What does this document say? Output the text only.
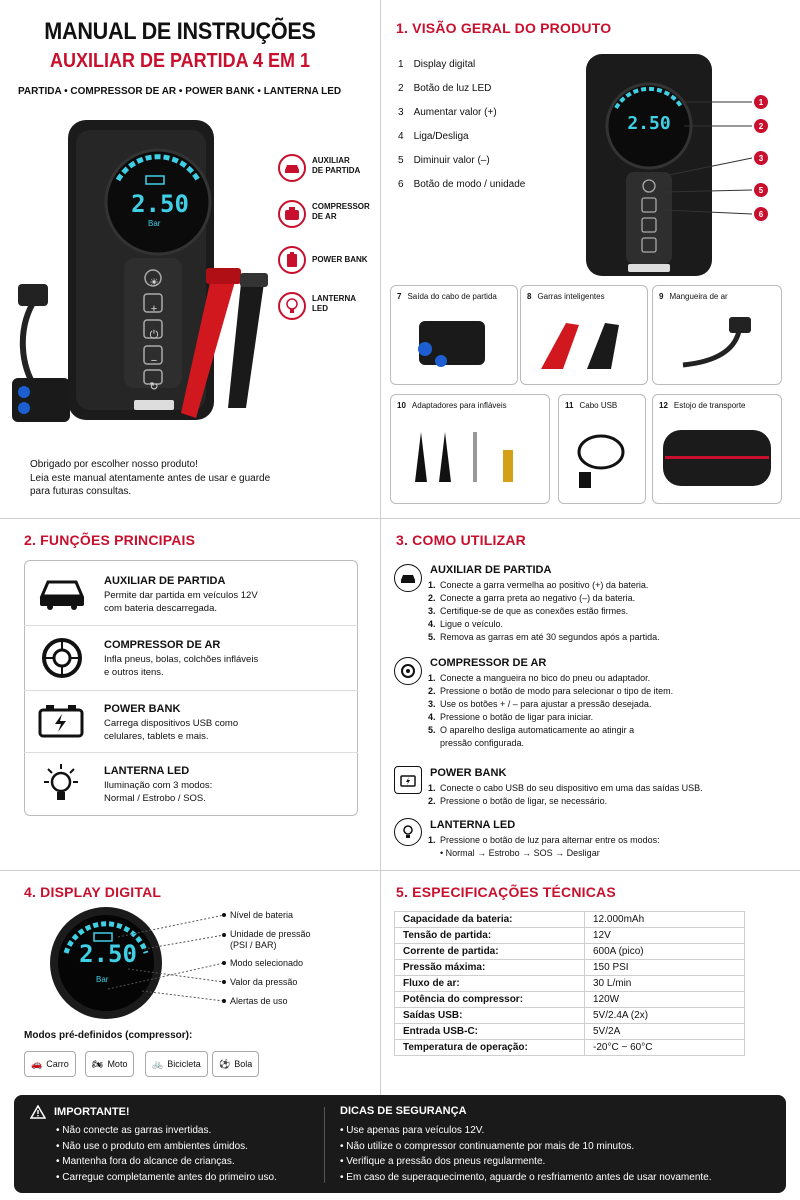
MANUAL DE INSTRUÇÕES
AUXILIAR DE PARTIDA 4 EM 1
PARTIDA • COMPRESSOR DE AR • POWER BANK • LANTERNA LED
2.50
Bar
☀
+
⏻
−
↻
AUXILIAR
DE PARTIDA
COMPRESSOR
DE AR
POWER BANK
LANTERNA
LED
Obrigado por escolher nosso produto!
Leia este manual atentamente antes de usar e guarde
para futuras consultas.
1. VISÃO GERAL DO PRODUTO
1 Display digital
2 Botão de luz LED
3 Aumentar valor (+)
4 Liga/Desliga
5 Diminuir valor (–)
6 Botão de modo / unidade
2.50
1
2
3
5
6
7 Saída do cabo de partida	8 Garras inteligentes	9 Mangueira de ar
10 Adaptadores para infláveis	11 Cabo USB	12 Estojo de transporte
2. FUNÇÕES PRINCIPAIS
AUXILIAR DE PARTIDA
Permite dar partida em veículos 12V
com bateria descarregada.
COMPRESSOR DE AR
Infla pneus, bolas, colchões infláveis
e outros itens.
POWER BANK
Carrega dispositivos USB como
celulares, tablets e mais.
LANTERNA LED
Iluminação com 3 modos:
Normal / Estrobo / SOS.
3. COMO UTILIZAR
AUXILIAR DE PARTIDA
1. Conecte a garra vermelha ao positivo (+) da bateria.
2. Conecte a garra preta ao negativo (–) da bateria.
3. Certifique-se de que as conexões estão firmes.
4. Ligue o veículo.
5. Remova as garras em até 30 segundos após a partida.
COMPRESSOR DE AR
1. Conecte a mangueira no bico do pneu ou adaptador.
2. Pressione o botão de modo para selecionar o tipo de item.
3. Use os botões + / – para ajustar a pressão desejada.
4. Pressione o botão de ligar para iniciar.
5. O aparelho desliga automaticamente ao atingir a
pressão configurada.
POWER BANK
1. Conecte o cabo USB do seu dispositivo em uma das saídas USB.
2. Pressione o botão de ligar, se necessário.
LANTERNA LED
1. Pressione o botão de luz para alternar entre os modos:
• Normal → Estrobo → SOS → Desligar
4. DISPLAY DIGITAL
2.50
Bar
Nível de bateria
Unidade de pressão
(PSI / BAR)
Modo selecionado
Valor da pressão
Alertas de uso
Modos pré-definidos (compressor):
🚗 Carro	🏍 Moto	🚲 Bicicleta ⚽ Bola
5. ESPECIFICAÇÕES TÉCNICAS
Capacidade da bateria:	12.000mAh
Tensão de partida:	12V
Corrente de partida:	600A (pico)
Pressão máxima:	150 PSI
Fluxo de ar:	30 L/min
Potência do compressor:	120W
Saídas USB:	5V/2.4A (2x)
Entrada USB-C:	5V/2A
Temperatura de operação:	-20°C ~ 60°C
IMPORTANTE!
• Não conecte as garras invertidas.
• Não use o produto em ambientes úmidos.
• Mantenha fora do alcance de crianças.
• Carregue completamente antes do primeiro uso.
DICAS DE SEGURANÇA
• Use apenas para veículos 12V.
• Não utilize o compressor continuamente por mais de 10 minutos.
• Verifique a pressão dos pneus regularmente.
• Em caso de superaquecimento, aguarde o resfriamento antes de usar novamente.
